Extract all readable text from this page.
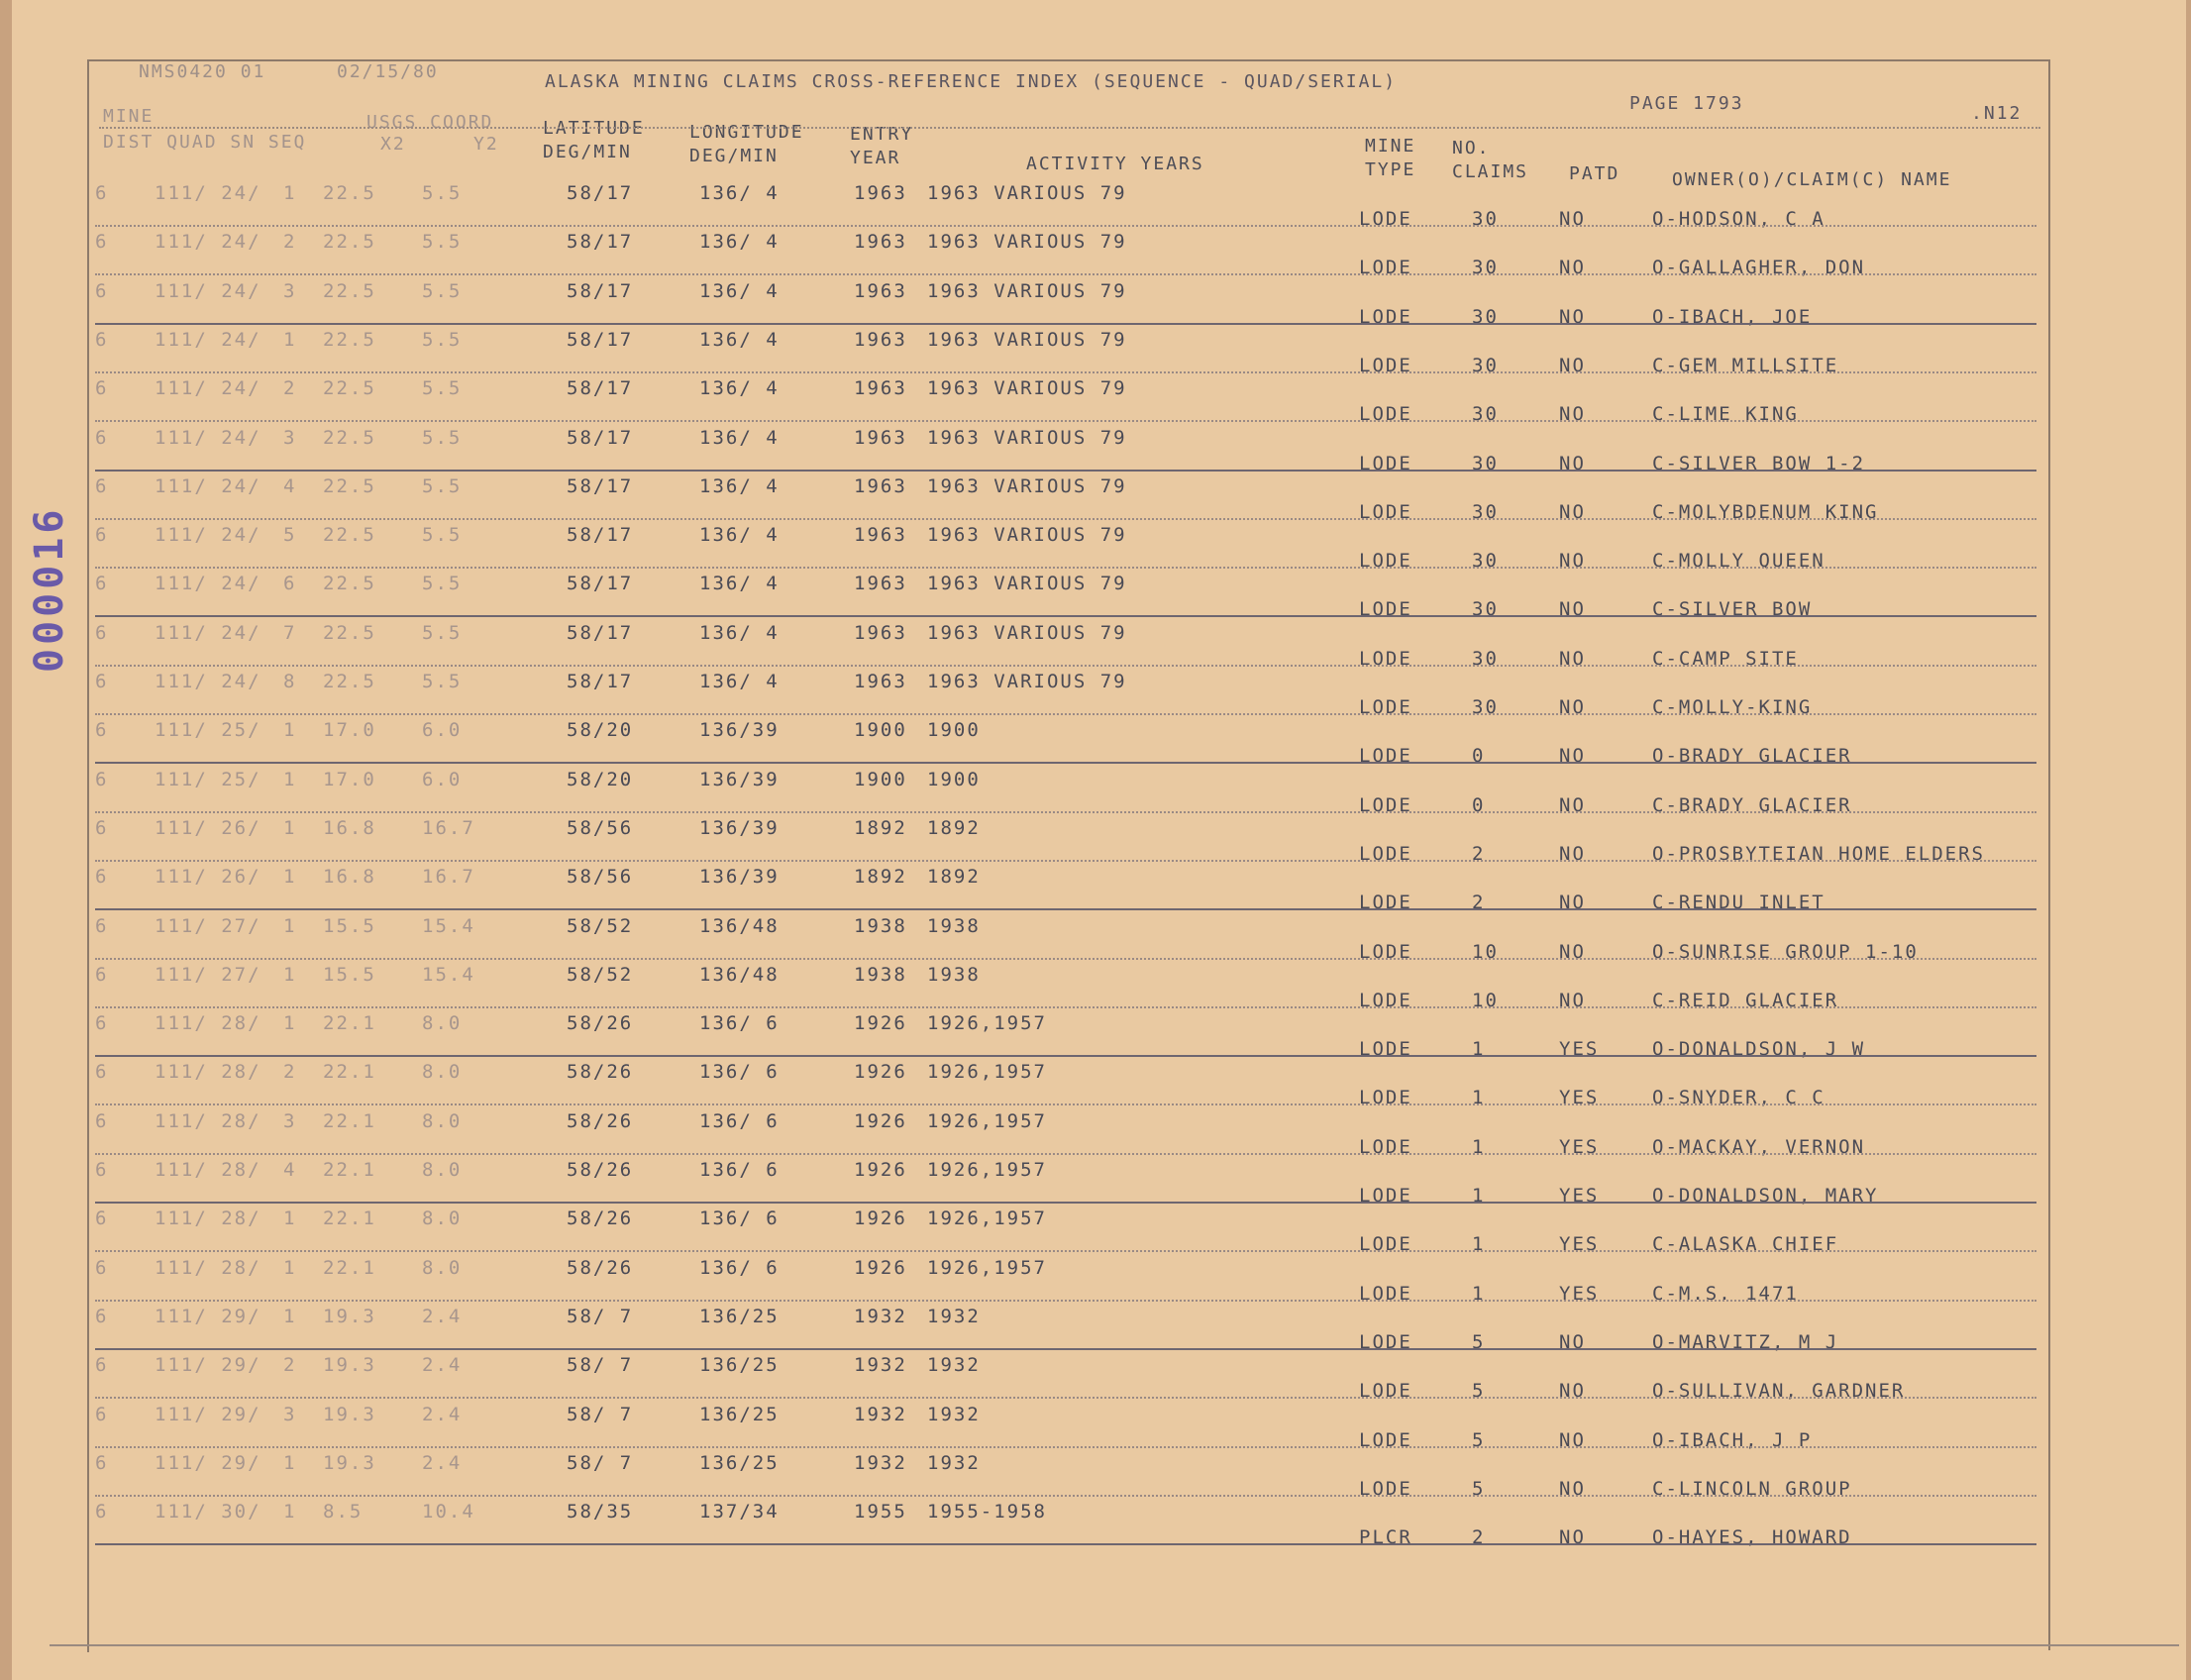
NMS0420 01	02/15/80	ALASKA MINING CLAIMS CROSS-REFERENCE INDEX (SEQUENCE - QUAD/SERIAL)
PAGE 1793	.N12
MINE
DIST QUAD SN SEQ
USGS COORD
X2	Y2
LATITUDE
DEG/MIN
LONGITUDE
DEG/MIN
ENTRY
YEAR	ACTIVITY YEARS
MINE
TYPE
NO.
CLAIMS PATD	OWNER(O)/CLAIM(C) NAME
000016
6 111/ 24/ 1 22.5 5.5	58/17	136/ 4	1963 1963 VARIOUS 79
LODE	30	NO	O-HODSON, C A
6 111/ 24/ 2 22.5 5.5	58/17	136/ 4	1963 1963 VARIOUS 79
LODE	30	NO	O-GALLAGHER, DON
6 111/ 24/ 3 22.5 5.5	58/17	136/ 4	1963 1963 VARIOUS 79
LODE	30	NO	O-IBACH, JOE
6 111/ 24/ 1 22.5 5.5	58/17	136/ 4	1963 1963 VARIOUS 79
LODE	30	NO	C-GEM MILLSITE
6 111/ 24/ 2 22.5 5.5	58/17	136/ 4	1963 1963 VARIOUS 79
LODE	30	NO	C-LIME KING
6 111/ 24/ 3 22.5 5.5	58/17	136/ 4	1963 1963 VARIOUS 79
LODE	30	NO	C-SILVER BOW 1-2
6 111/ 24/ 4 22.5 5.5	58/17	136/ 4	1963 1963 VARIOUS 79
LODE	30	NO	C-MOLYBDENUM KING
6 111/ 24/ 5 22.5 5.5	58/17	136/ 4	1963 1963 VARIOUS 79
LODE	30	NO	C-MOLLY QUEEN
6 111/ 24/ 6 22.5 5.5	58/17	136/ 4	1963 1963 VARIOUS 79
LODE	30	NO	C-SILVER BOW
6 111/ 24/ 7 22.5 5.5	58/17	136/ 4	1963 1963 VARIOUS 79
LODE	30	NO	C-CAMP SITE
6 111/ 24/ 8 22.5 5.5	58/17	136/ 4	1963 1963 VARIOUS 79
LODE	30	NO	C-MOLLY-KING
6 111/ 25/ 1 17.0 6.0	58/20	136/39	1900 1900
LODE	0	NO	O-BRADY GLACIER
6 111/ 25/ 1 17.0 6.0	58/20	136/39	1900 1900
LODE	0	NO	C-BRADY GLACIER
6 111/ 26/ 1 16.8 16.7	58/56	136/39	1892 1892
LODE	2	NO	O-PROSBYTEIAN HOME ELDERS
6 111/ 26/ 1 16.8 16.7	58/56	136/39	1892 1892
LODE	2	NO	C-RENDU INLET
6 111/ 27/ 1 15.5 15.4	58/52	136/48	1938 1938
LODE	10	NO	O-SUNRISE GROUP 1-10
6 111/ 27/ 1 15.5 15.4	58/52	136/48	1938 1938
LODE	10	NO	C-REID GLACIER
6 111/ 28/ 1 22.1 8.0	58/26	136/ 6	1926 1926,1957
LODE	1	YES	O-DONALDSON, J W
6 111/ 28/ 2 22.1 8.0	58/26	136/ 6	1926 1926,1957
LODE	1	YES	O-SNYDER, C C
6 111/ 28/ 3 22.1 8.0	58/26	136/ 6	1926 1926,1957
LODE	1	YES	O-MACKAY, VERNON
6 111/ 28/ 4 22.1 8.0	58/26	136/ 6	1926 1926,1957
LODE	1	YES	O-DONALDSON, MARY
6 111/ 28/ 1 22.1 8.0	58/26	136/ 6	1926 1926,1957
LODE	1	YES	C-ALASKA CHIEF
6 111/ 28/ 1 22.1 8.0	58/26	136/ 6	1926 1926,1957
LODE	1	YES	C-M.S. 1471
6 111/ 29/ 1 19.3 2.4	58/ 7	136/25	1932 1932
LODE	5	NO	O-MARVITZ, M J
6 111/ 29/ 2 19.3 2.4	58/ 7	136/25	1932 1932
LODE	5	NO	O-SULLIVAN, GARDNER
6 111/ 29/ 3 19.3 2.4	58/ 7	136/25	1932 1932
LODE	5	NO	O-IBACH, J P
6 111/ 29/ 1 19.3 2.4	58/ 7	136/25	1932 1932
LODE	5	NO	C-LINCOLN GROUP
6 111/ 30/ 1 8.5	10.4	58/35	137/34	1955 1955-1958
PLCR	2	NO	O-HAYES, HOWARD
